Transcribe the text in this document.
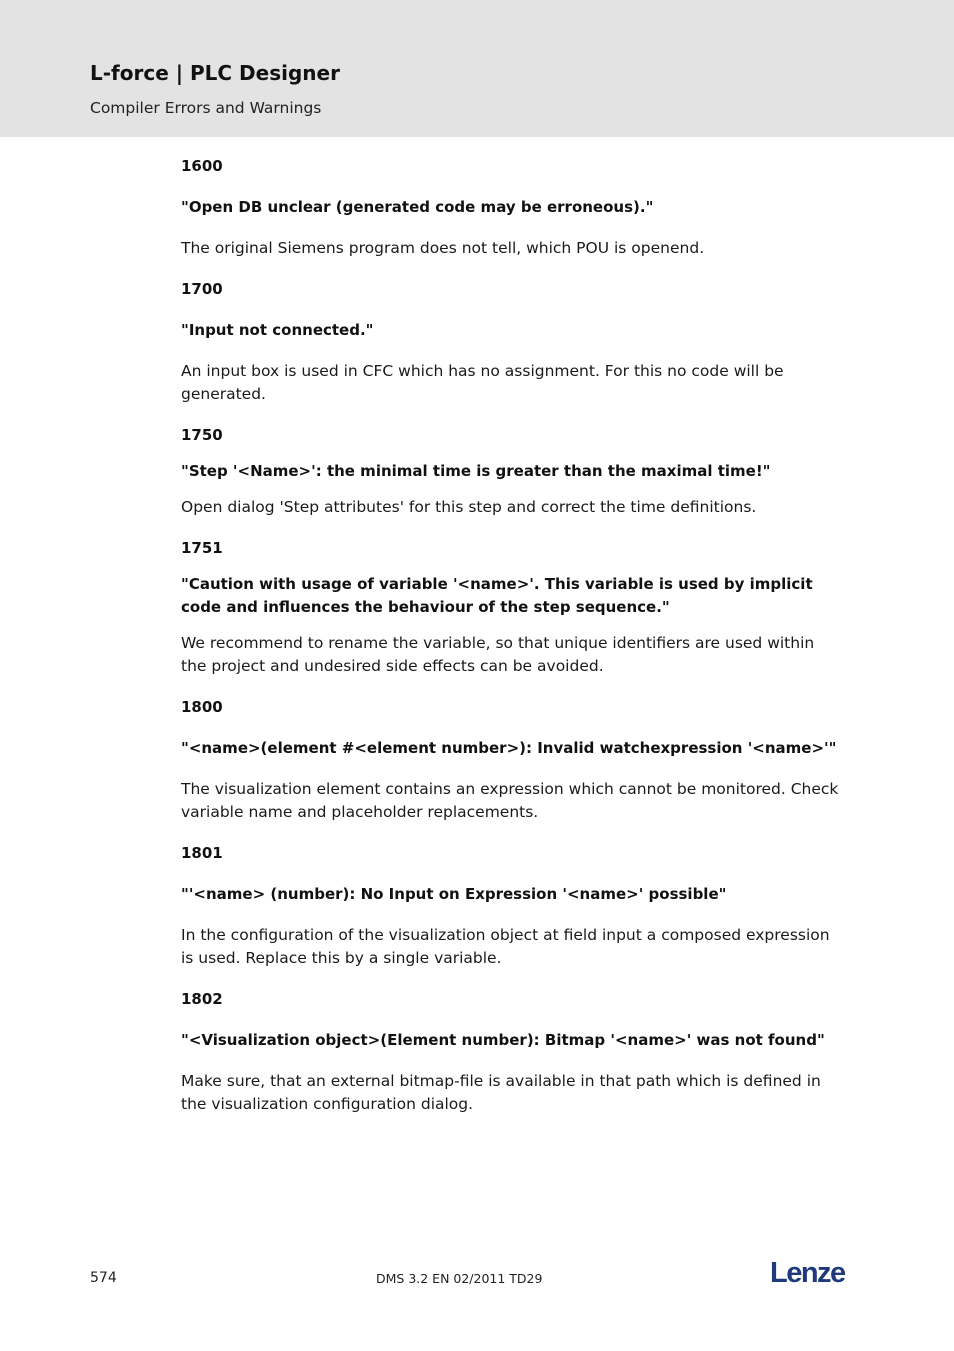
L-force | PLC Designer
Compiler Errors and Warnings
1600
"Open DB unclear (generated code may be erroneous)."
The original Siemens program does not tell, which POU is openend.
1700
"Input not connected."
An input box is used in CFC which has no assignment. For this no code will be generated.
1750
"Step '<Name>': the minimal time is greater than the maximal time!"
Open dialog 'Step attributes' for this step and correct the time definitions.
1751
"Caution with usage of variable '<name>'. This variable is used by implicit code and influences the behaviour of the step sequence."
We recommend to rename the variable, so that unique identifiers are used within the project and undesired side effects can be avoided.
1800
"<name>(element #<element number>): Invalid watchexpression '<name>'"
The visualization element contains an expression which cannot be monitored. Check variable name and placeholder replacements.
1801
"'<name> (number): No Input on Expression '<name>' possible"
In the configuration of the visualization object at field input a composed expression is used. Replace this by a single variable.
1802
"<Visualization object>(Element number): Bitmap '<name>' was not found"
Make sure, that an external bitmap-file is available in that path which is defined in the visualization configuration dialog.
574	DMS 3.2 EN 02/2011 TD29	Lenze
